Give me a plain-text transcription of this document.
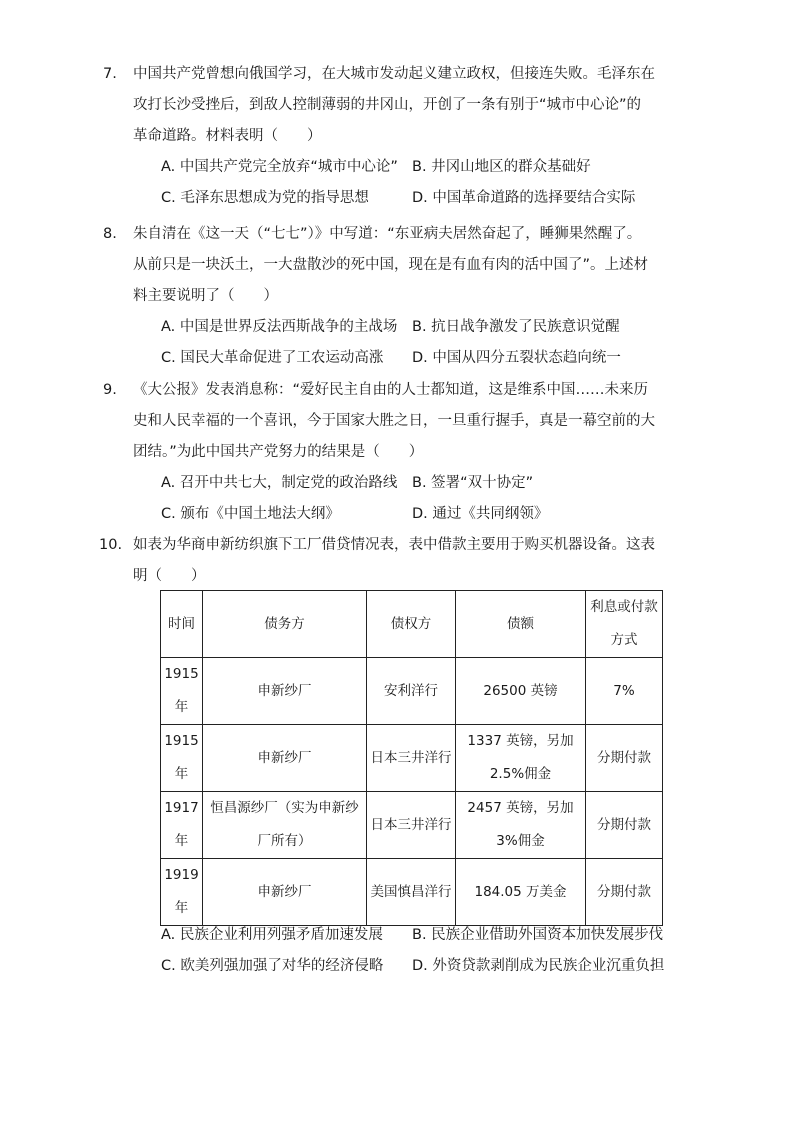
7. 中国共产党曾想向俄国学习，在大城市发动起义建立政权，但接连失败。毛泽东在
攻打长沙受挫后，到敌人控制薄弱的井冈山，开创了一条有别于“城市中心论”的
革命道路。材料表明（　　）
A. 中国共产党完全放弃“城市中心论” B. 井冈山地区的群众基础好
C. 毛泽东思想成为党的指导思想	D. 中国革命道路的选择要结合实际
8. 朱自清在《这一天（“七七”）》中写道：“东亚病夫居然奋起了，睡狮果然醒了。
从前只是一块沃土，一大盘散沙的死中国，现在是有血有肉的活中国了”。上述材
料主要说明了（　　）
A. 中国是世界反法西斯战争的主战场 B. 抗日战争激发了民族意识觉醒
C. 国民大革命促进了工农运动高涨 D. 中国从四分五裂状态趋向统一
9. 《大公报》发表消息称：“爱好民主自由的人士都知道，这是维系中国……未来历
史和人民幸福的一个喜讯，今于国家大胜之日，一旦重行握手，真是一幕空前的大
团结。”为此中国共产党努力的结果是（　　）
A. 召开中共七大，制定党的政治路线 B. 签署“双十协定”
C. 颁布《中国土地法大纲》	D. 通过《共同纲领》
10. 如表为华商申新纺织旗下工厂借贷情况表，表中借款主要用于购买机器设备。这表
明（　　）
时间	债务方	债权方	债额	利息或付款方式
1915年	申新纱厂	安利洋行	26500 英镑	7%
1915年	申新纱厂	日本三井洋行	1337 英镑，另加 2.5%佣金	分期付款
1917年	恒昌源纱厂（实为申新纱厂所有）	日本三井洋行	2457 英镑，另加 3%佣金	分期付款
1919年	申新纱厂	美国慎昌洋行	184.05 万美金	分期付款
A. 民族企业利用列强矛盾加速发展 B. 民族企业借助外国资本加快发展步伐
C. 欧美列强加强了对华的经济侵略 D. 外资贷款剥削成为民族企业沉重负担
